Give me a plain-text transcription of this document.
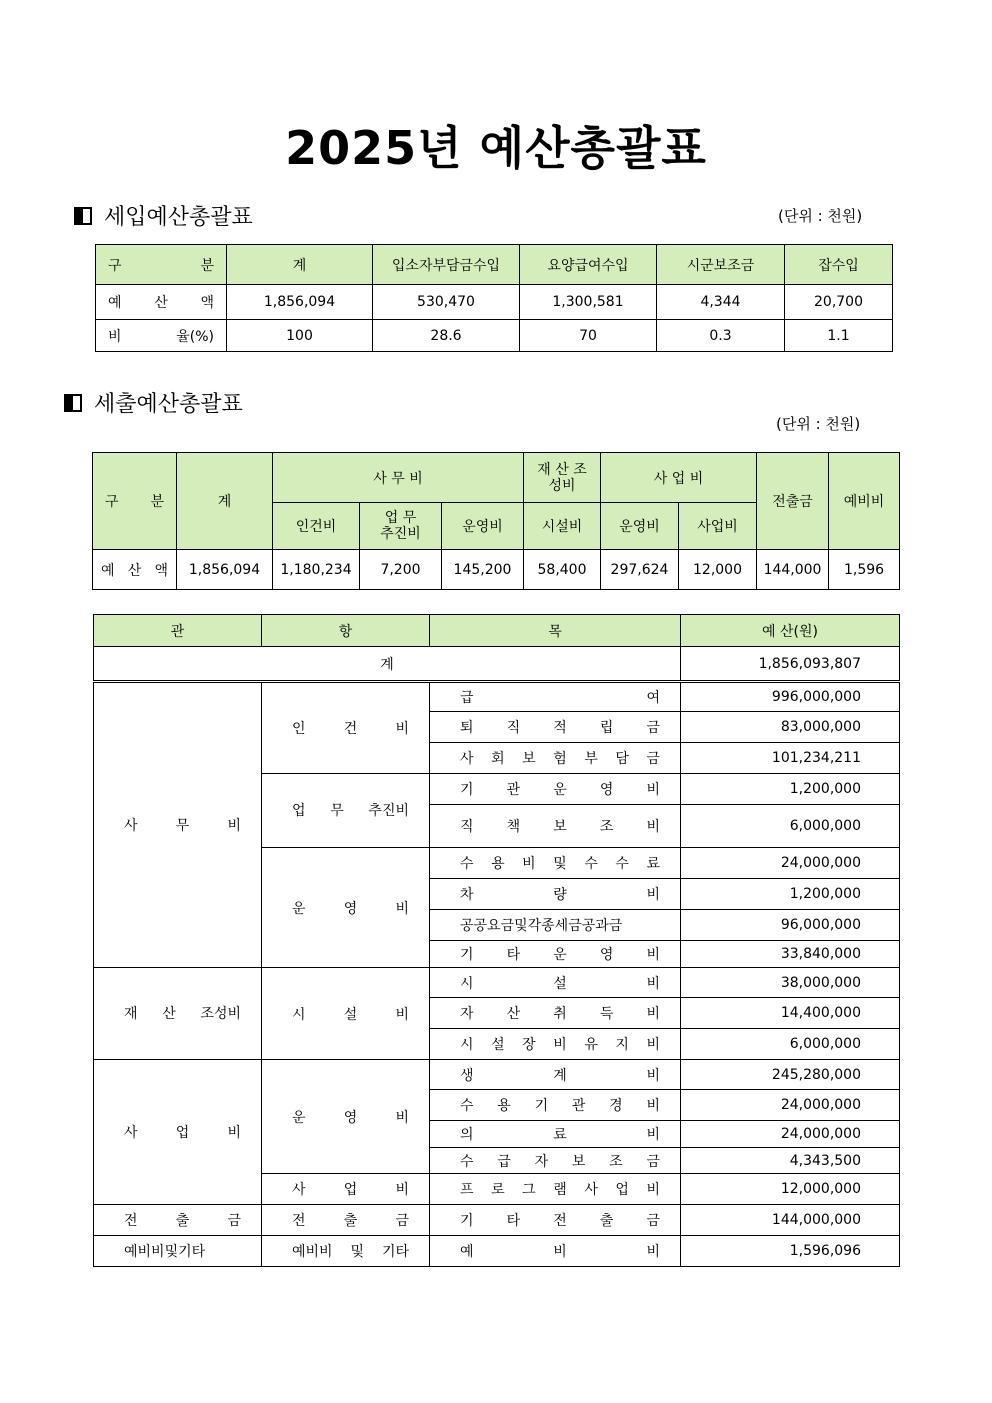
2025년 예산총괄표
세입예산총괄표	(단위 : 천원)
구 분	계	입소자부담금수입	요양급여수입	시군보조금	잡수입
예 산 액	1,856,094	530,470	1,300,581	4,344	20,700
비 율(%)	100	28.6	70	0.3	1.1
세출예산총괄표
(단위 : 천원)
구 분	계	사 무 비			재 산 조성비	사 업 비		전출금	예비비
		인건비	업 무 추진비	운영비	시설비	운영비	사업비		
예 산 액	1,856,094	1,180,234	7,200	145,200	58,400	297,624	12,000	144,000	1,596
관	항	목	예 산(원)
계			1,856,093,807
사 무 비	인 건 비	급 여	996,000,000
		퇴 직 적 립 금	83,000,000
		사 회 보 험 부 담 금	101,234,211
	업 무 추진비	기 관 운 영 비	1,200,000
		직 책 보 조 비	6,000,000
	운 영 비	수 용 비 및 수 수 료	24,000,000
		차 량 비	1,200,000
		공공요금및각종세금공과금	96,000,000
		기 타 운 영 비	33,840,000
재 산 조성비	시 설 비	시 설 비	38,000,000
		자 산 취 득 비	14,400,000
		시 설 장 비 유 지 비	6,000,000
사 업 비	운 영 비	생 계 비	245,280,000
		수 용 기 관 경 비	24,000,000
		의 료 비	24,000,000
		수 급 자 보 조 금	4,343,500
	사 업 비	프 로 그 램 사 업 비	12,000,000
전 출 금	전 출 금	기 타 전 출 금	144,000,000
예비비및기타	예비비 및 기타	예 비 비	1,596,096
